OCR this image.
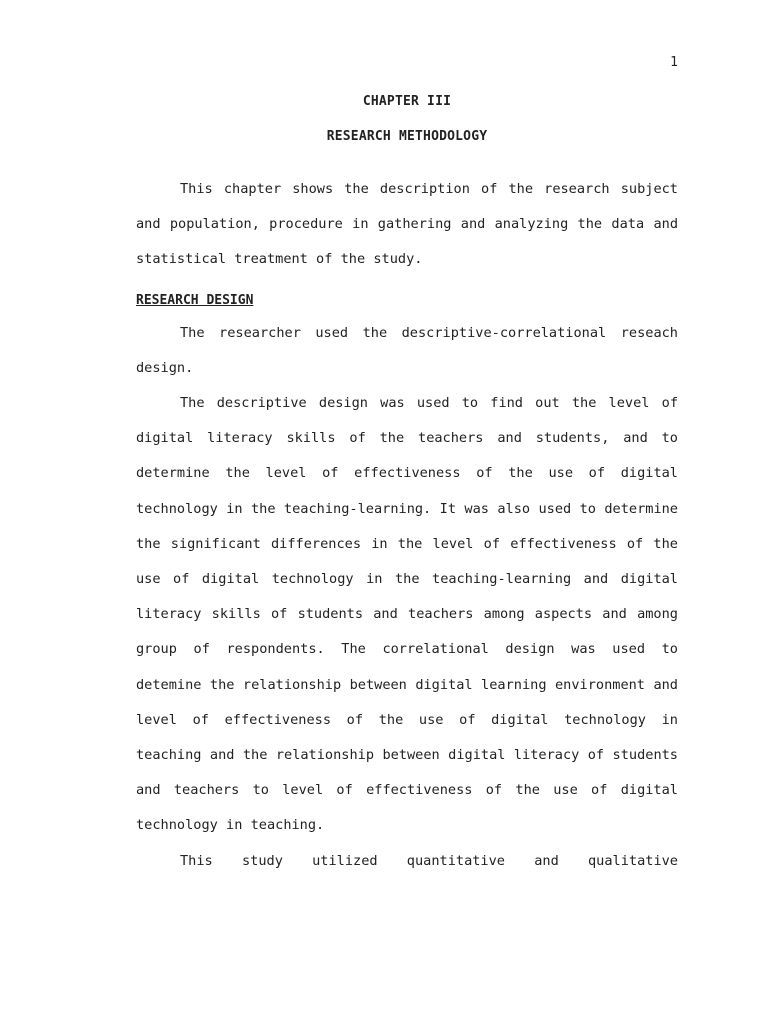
1
CHAPTER III
RESEARCH METHODOLOGY

This chapter shows the description of the research subject and population, procedure in gathering and analyzing the data and statistical treatment of the study.

RESEARCH DESIGN

The researcher used the descriptive-correlational reseach design.

The descriptive design was used to find out the level of digital literacy skills of the teachers and students, and to determine the level of effectiveness of the use of digital technology in the teaching-learning. It was also used to determine the significant differences in the level of effectiveness of the use of digital technology in the teaching-learning and digital literacy skills of students and teachers among aspects and among group of respondents. The correlational design was used to detemine the relationship between digital learning environment and level of effectiveness of the use of digital technology in teaching and the relationship between digital literacy of students and teachers to level of effectiveness of the use of digital technology in teaching.

This study utilized quantitative and qualitative
